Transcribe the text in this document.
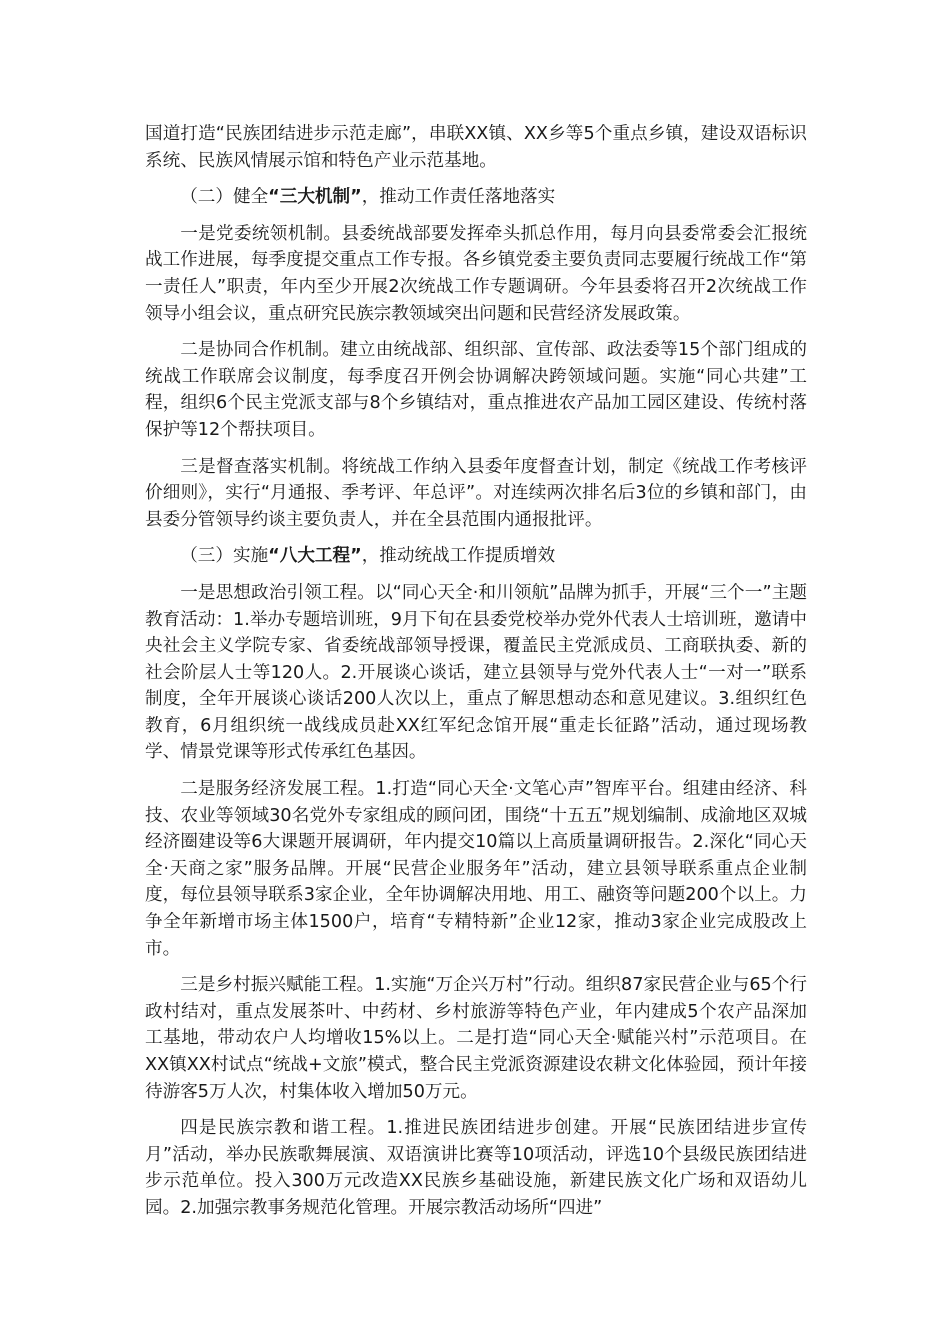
国道打造“民族团结进步示范走廊”，串联XX镇、XX乡等5个重点乡镇，建设双语标识系统、民族风情展示馆和特色产业示范基地。

（二）健全“三大机制”，推动工作责任落地落实

一是党委统领机制。县委统战部要发挥牵头抓总作用，每月向县委常委会汇报统战工作进展，每季度提交重点工作专报。各乡镇党委主要负责同志要履行统战工作“第一责任人”职责，年内至少开展2次统战工作专题调研。今年县委将召开2次统战工作领导小组会议，重点研究民族宗教领域突出问题和民营经济发展政策。

二是协同合作机制。建立由统战部、组织部、宣传部、政法委等15个部门组成的统战工作联席会议制度，每季度召开例会协调解决跨领域问题。实施“同心共建”工程，组织6个民主党派支部与8个乡镇结对，重点推进农产品加工园区建设、传统村落保护等12个帮扶项目。

三是督查落实机制。将统战工作纳入县委年度督查计划，制定《统战工作考核评价细则》，实行“月通报、季考评、年总评”。对连续两次排名后3位的乡镇和部门，由县委分管领导约谈主要负责人，并在全县范围内通报批评。

（三）实施“八大工程”，推动统战工作提质增效

一是思想政治引领工程。以“同心天全·和川领航”品牌为抓手，开展“三个一”主题教育活动：1.举办专题培训班，9月下旬在县委党校举办党外代表人士培训班，邀请中央社会主义学院专家、省委统战部领导授课，覆盖民主党派成员、工商联执委、新的社会阶层人士等120人。2.开展谈心谈话，建立县领导与党外代表人士“一对一”联系制度，全年开展谈心谈话200人次以上，重点了解思想动态和意见建议。3.组织红色教育，6月组织统一战线成员赴XX红军纪念馆开展“重走长征路”活动，通过现场教学、情景党课等形式传承红色基因。

二是服务经济发展工程。1.打造“同心天全·文笔心声”智库平台。组建由经济、科技、农业等领域30名党外专家组成的顾问团，围绕“十五五”规划编制、成渝地区双城经济圈建设等6大课题开展调研，年内提交10篇以上高质量调研报告。2.深化“同心天全·天商之家”服务品牌。开展“民营企业服务年”活动，建立县领导联系重点企业制度，每位县领导联系3家企业，全年协调解决用地、用工、融资等问题200个以上。力争全年新增市场主体1500户，培育“专精特新”企业12家，推动3家企业完成股改上市。

三是乡村振兴赋能工程。1.实施“万企兴万村”行动。组织87家民营企业与65个行政村结对，重点发展茶叶、中药材、乡村旅游等特色产业，年内建成5个农产品深加工基地，带动农户人均增收15%以上。二是打造“同心天全·赋能兴村”示范项目。在XX镇XX村试点“统战+文旅”模式，整合民主党派资源建设农耕文化体验园，预计年接待游客5万人次，村集体收入增加50万元。

四是民族宗教和谐工程。1.推进民族团结进步创建。开展“民族团结进步宣传月”活动，举办民族歌舞展演、双语演讲比赛等10项活动，评选10个县级民族团结进步示范单位。投入300万元改造XX民族乡基础设施，新建民族文化广场和双语幼儿园。2.加强宗教事务规范化管理。开展宗教活动场所“四进”
